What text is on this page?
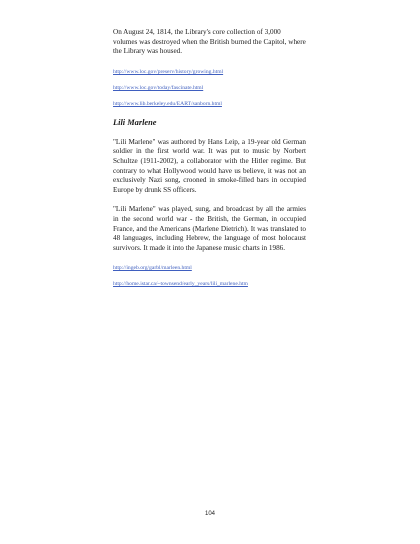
On August 24, 1814, the Library's core collection of 3,000 volumes was destroyed when the British burned the Capitol, where the Library was housed.

http://www.loc.gov/preserv/history/growing.html
http://www.loc.gov/today/fascinate.html
http://www.lib.berkeley.edu/EART/sanborn.html

Lili Marlene

"Lili Marlene" was authored by Hans Leip, a 19-year old German soldier in the first world war. It was put to music by Norbert Schultze (1911-2002), a collaborator with the Hitler regime. But contrary to what Hollywood would have us believe, it was not an exclusively Nazi song, crooned in smoke-filled bars in occupied Europe by drunk SS officers.

"Lili Marlene" was played, sung, and broadcast by all the armies in the second world war - the British, the German, in occupied France, and the Americans (Marlene Dietrich). It was translated to 48 languages, including Hebrew, the language of most holocaust survivors. It made it into the Japanese music charts in 1986.

http://ingeb.org/garbl/marleen.html
http://home.istar.ca/~townsend/early_years/lili_marlene.htm
104
